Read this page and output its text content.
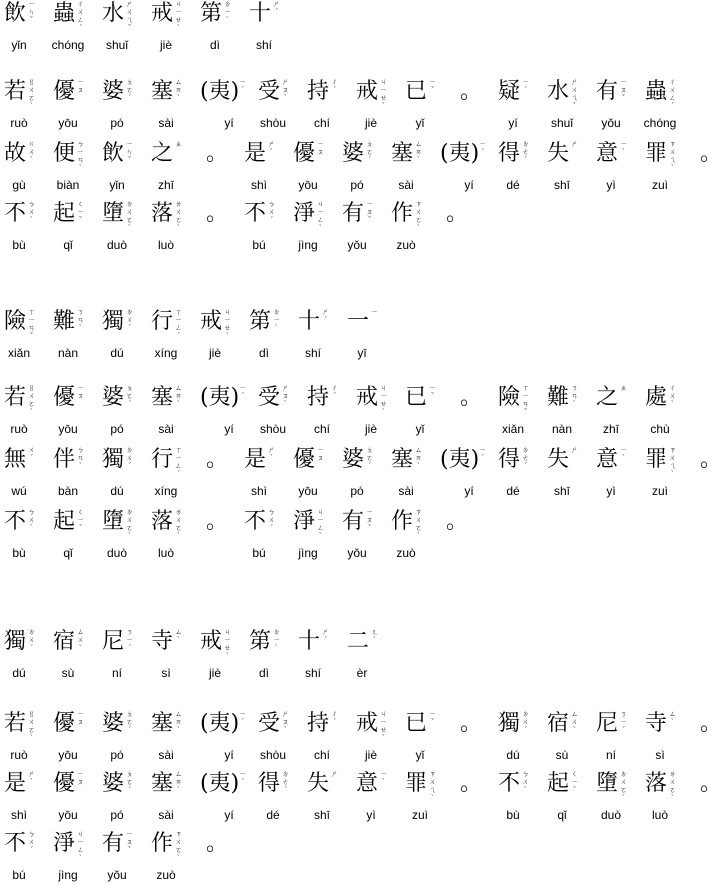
飲 ㄧㄣˇ
yǐn
蟲 ㄔㄨㄥˊ
chóng
水 ㄕㄨㄟˇ
shuǐ
戒 ㄐㄧㄝˋ
jiè
第 ㄉㄧˋ
dì
十 ㄕˊ
shí
若 ㄖㄨㄛˋ
ruò
優 ㄧㄡ
yōu
婆 ㄆㄛˊ
pó
塞 ㄙㄞˋ
sài
(夷) ㄧˊ
yí
受 ㄕㄡˋ
shòu
持 ㄔˊ
chí
戒 ㄐㄧㄝˋ
jiè
已 ㄧˇ
yǐ
。 疑 ㄧˊ
yí
水 ㄕㄨㄟˇ
shuǐ
有 ㄧㄡˇ
yǒu
蟲 ㄔㄨㄥˊ
chóng
故 ㄍㄨˋ
gù
便 ㄅㄧㄢˋ
biàn
飲 ㄧㄣˇ
yǐn
之 ㄓ
zhī
。 是 ㄕˋ
shì
優 ㄧㄡ
yōu
婆 ㄆㄛˊ
pó
塞 ㄙㄞˋ
sài
(夷) ㄧˊ
yí
得 ㄉㄜˊ
dé
失 ㄕ
shī
意 ㄧˋ
yì
罪 ㄗㄨㄟˋ
zuì
。
不 ㄅㄨˋ
bù
起 ㄑㄧˇ
qǐ
墮 ㄉㄨㄛˋ
duò
落 ㄌㄨㄛˋ
luò
。 不 ㄅㄨˊ
bú
淨 ㄐㄧㄥˋ
jìng
有 ㄧㄡˇ
yǒu
作 ㄗㄨㄛˋ
zuò
。
險 ㄒㄧㄢˇ
xiǎn
難 ㄋㄢˋ
nàn
獨 ㄉㄨˊ
dú
行 ㄒㄧㄥˊ
xíng
戒 ㄐㄧㄝˋ
jiè
第 ㄉㄧˋ
dì
十 ㄕˊ
shí
一 ㄧ
yī
若 ㄖㄨㄛˋ
ruò
優 ㄧㄡ
yōu
婆 ㄆㄛˊ
pó
塞 ㄙㄞˋ
sài
(夷) ㄧˊ
yí
受 ㄕㄡˋ
shòu
持 ㄔˊ
chí
戒 ㄐㄧㄝˋ
jiè
已 ㄧˇ
yǐ
。 險 ㄒㄧㄢˇ
xiǎn
難 ㄋㄢˋ
nàn
之 ㄓ
zhī
處 ㄔㄨˋ
chù
無 ㄨˊ
wú
伴 ㄅㄢˋ
bàn
獨 ㄉㄨˊ
dú
行 ㄒㄧㄥˊ
xíng
。 是 ㄕˋ
shì
優 ㄧㄡ
yōu
婆 ㄆㄛˊ
pó
塞 ㄙㄞˋ
sài
(夷) ㄧˊ
yí
得 ㄉㄜˊ
dé
失 ㄕ
shī
意 ㄧˋ
yì
罪 ㄗㄨㄟˋ
zuì
。
不 ㄅㄨˋ
bù
起 ㄑㄧˇ
qǐ
墮 ㄉㄨㄛˋ
duò
落 ㄌㄨㄛˋ
luò
。 不 ㄅㄨˊ
bú
淨 ㄐㄧㄥˋ
jìng
有 ㄧㄡˇ
yǒu
作 ㄗㄨㄛˋ
zuò
。
獨 ㄉㄨˊ
dú
宿 ㄙㄨˋ
sù
尼 ㄋㄧˊ
ní
寺 ㄙˋ
sì
戒 ㄐㄧㄝˋ
jiè
第 ㄉㄧˋ
dì
十 ㄕˊ
shí
二 ㄦˋ
èr
若 ㄖㄨㄛˋ
ruò
優 ㄧㄡ
yōu
婆 ㄆㄛˊ
pó
塞 ㄙㄞˋ
sài
(夷) ㄧˊ
yí
受 ㄕㄡˋ
shòu
持 ㄔˊ
chí
戒 ㄐㄧㄝˋ
jiè
已 ㄧˇ
yǐ
。 獨 ㄉㄨˊ
dú
宿 ㄙㄨˋ
sù
尼 ㄋㄧˊ
ní
寺 ㄙˋ
sì
。
是 ㄕˋ
shì
優 ㄧㄡ
yōu
婆 ㄆㄛˊ
pó
塞 ㄙㄞˋ
sài
(夷) ㄧˊ
yí
得 ㄉㄜˊ
dé
失 ㄕ
shī
意 ㄧˋ
yì
罪 ㄗㄨㄟˋ
zuì
。 不 ㄅㄨˋ
bù
起 ㄑㄧˇ
qǐ
墮 ㄉㄨㄛˋ
duò
落 ㄌㄨㄛˋ
luò
。
不 ㄅㄨˊ
bú
淨 ㄐㄧㄥˋ
jìng
有 ㄧㄡˇ
yǒu
作 ㄗㄨㄛˋ
zuò
。
